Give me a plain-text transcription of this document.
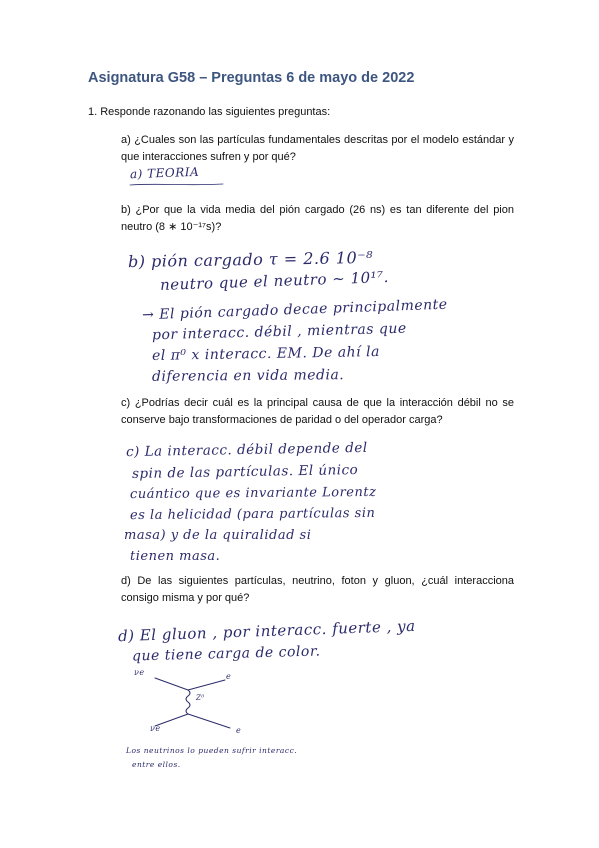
Asignatura G58 – Preguntas 6 de mayo de 2022
1. Responde razonando las siguientes preguntas:
a) ¿Cuales son las partículas fundamentales descritas por el modelo estándar y que interacciones sufren y por qué?
a) TEORIA
b) ¿Por que la vida media del pión cargado (26 ns) es tan diferente del pion neutro (8 ∗ 10⁻¹⁷s)?
b) pión cargado τ = 2.6 10⁻⁸
neutro que el neutro ~ 10¹⁷.
→ El pión cargado decae principalmente
por interacc. débil , mientras que
el π⁰ x interacc. EM. De ahí la
diferencia en vida media.
c) ¿Podrías decir cuál es la principal causa de que la interacción débil no se conserve bajo transformaciones de paridad o del operador carga?
c) La interacc. débil depende del
spin de las partículas. El único
cuántico que es invariante Lorentz
es la helicidad (para partículas sin
masa) y de la quiralidad si
tienen masa.
d) De las siguientes partículas, neutrino, foton y gluon, ¿cuál interacciona consigo misma y por qué?
d) El gluon , por interacc. fuerte , ya
que tiene carga de color.
νe	e
Z⁰
νe	e
Los neutrinos lo pueden sufrir interacc.
entre ellos.
